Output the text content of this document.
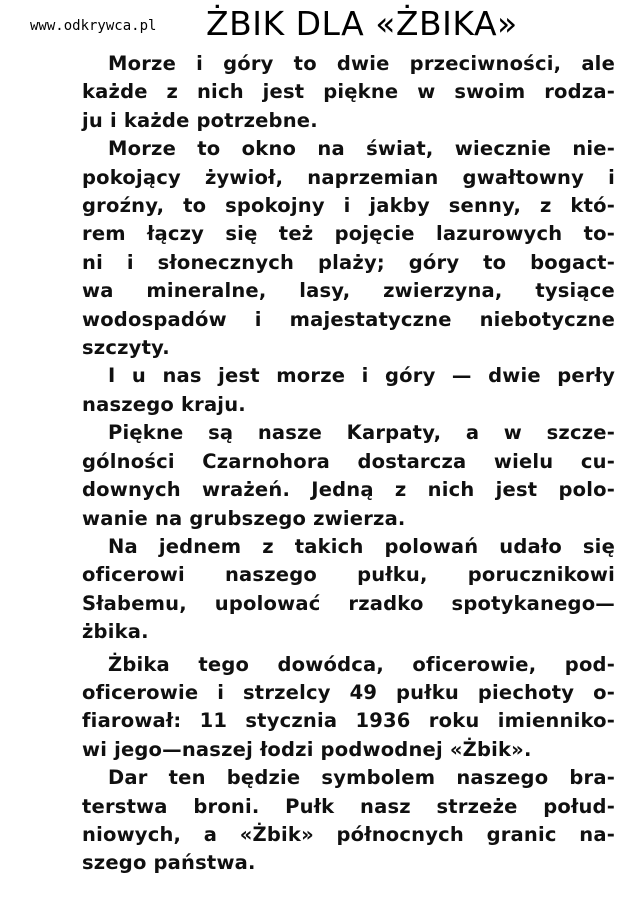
www.odkrywca.pl ŻBIK DLA «ŻBIKA»

Morze i góry to dwie przeciwności, ale
każde z nich jest piękne w swoim rodza-
ju i każde potrzebne.

Morze to okno na świat, wiecznie nie-
pokojący żywioł, naprzemian gwałtowny i
groźny, to spokojny i jakby senny, z któ-
rem łączy się też pojęcie lazurowych to-
ni i słonecznych plaży; góry to bogact-
wa mineralne, lasy, zwierzyna, tysiące
wodospadów i majestatyczne niebotyczne
szczyty.

I u nas jest morze i góry — dwie perły
naszego kraju.

Piękne są nasze Karpaty, a w szcze-
gólności Czarnohora dostarcza wielu cu-
downych wrażeń. Jedną z nich jest polo-
wanie na grubszego zwierza.

Na jednem z takich polowań udało się
oficerowi naszego pułku, porucznikowi
Słabemu, upolować rzadko spotykanego—
żbika.

Żbika tego dowódca, oficerowie, pod-
oficerowie i strzelcy 49 pułku piechoty o-
fiarował: 11 stycznia 1936 roku imienniko-
wi jego—naszej łodzi podwodnej «Żbik».

Dar ten będzie symbolem naszego bra-
terstwa broni. Pułk nasz strzeże połud-
niowych, a «Żbik» północnych granic na-
szego państwa.
